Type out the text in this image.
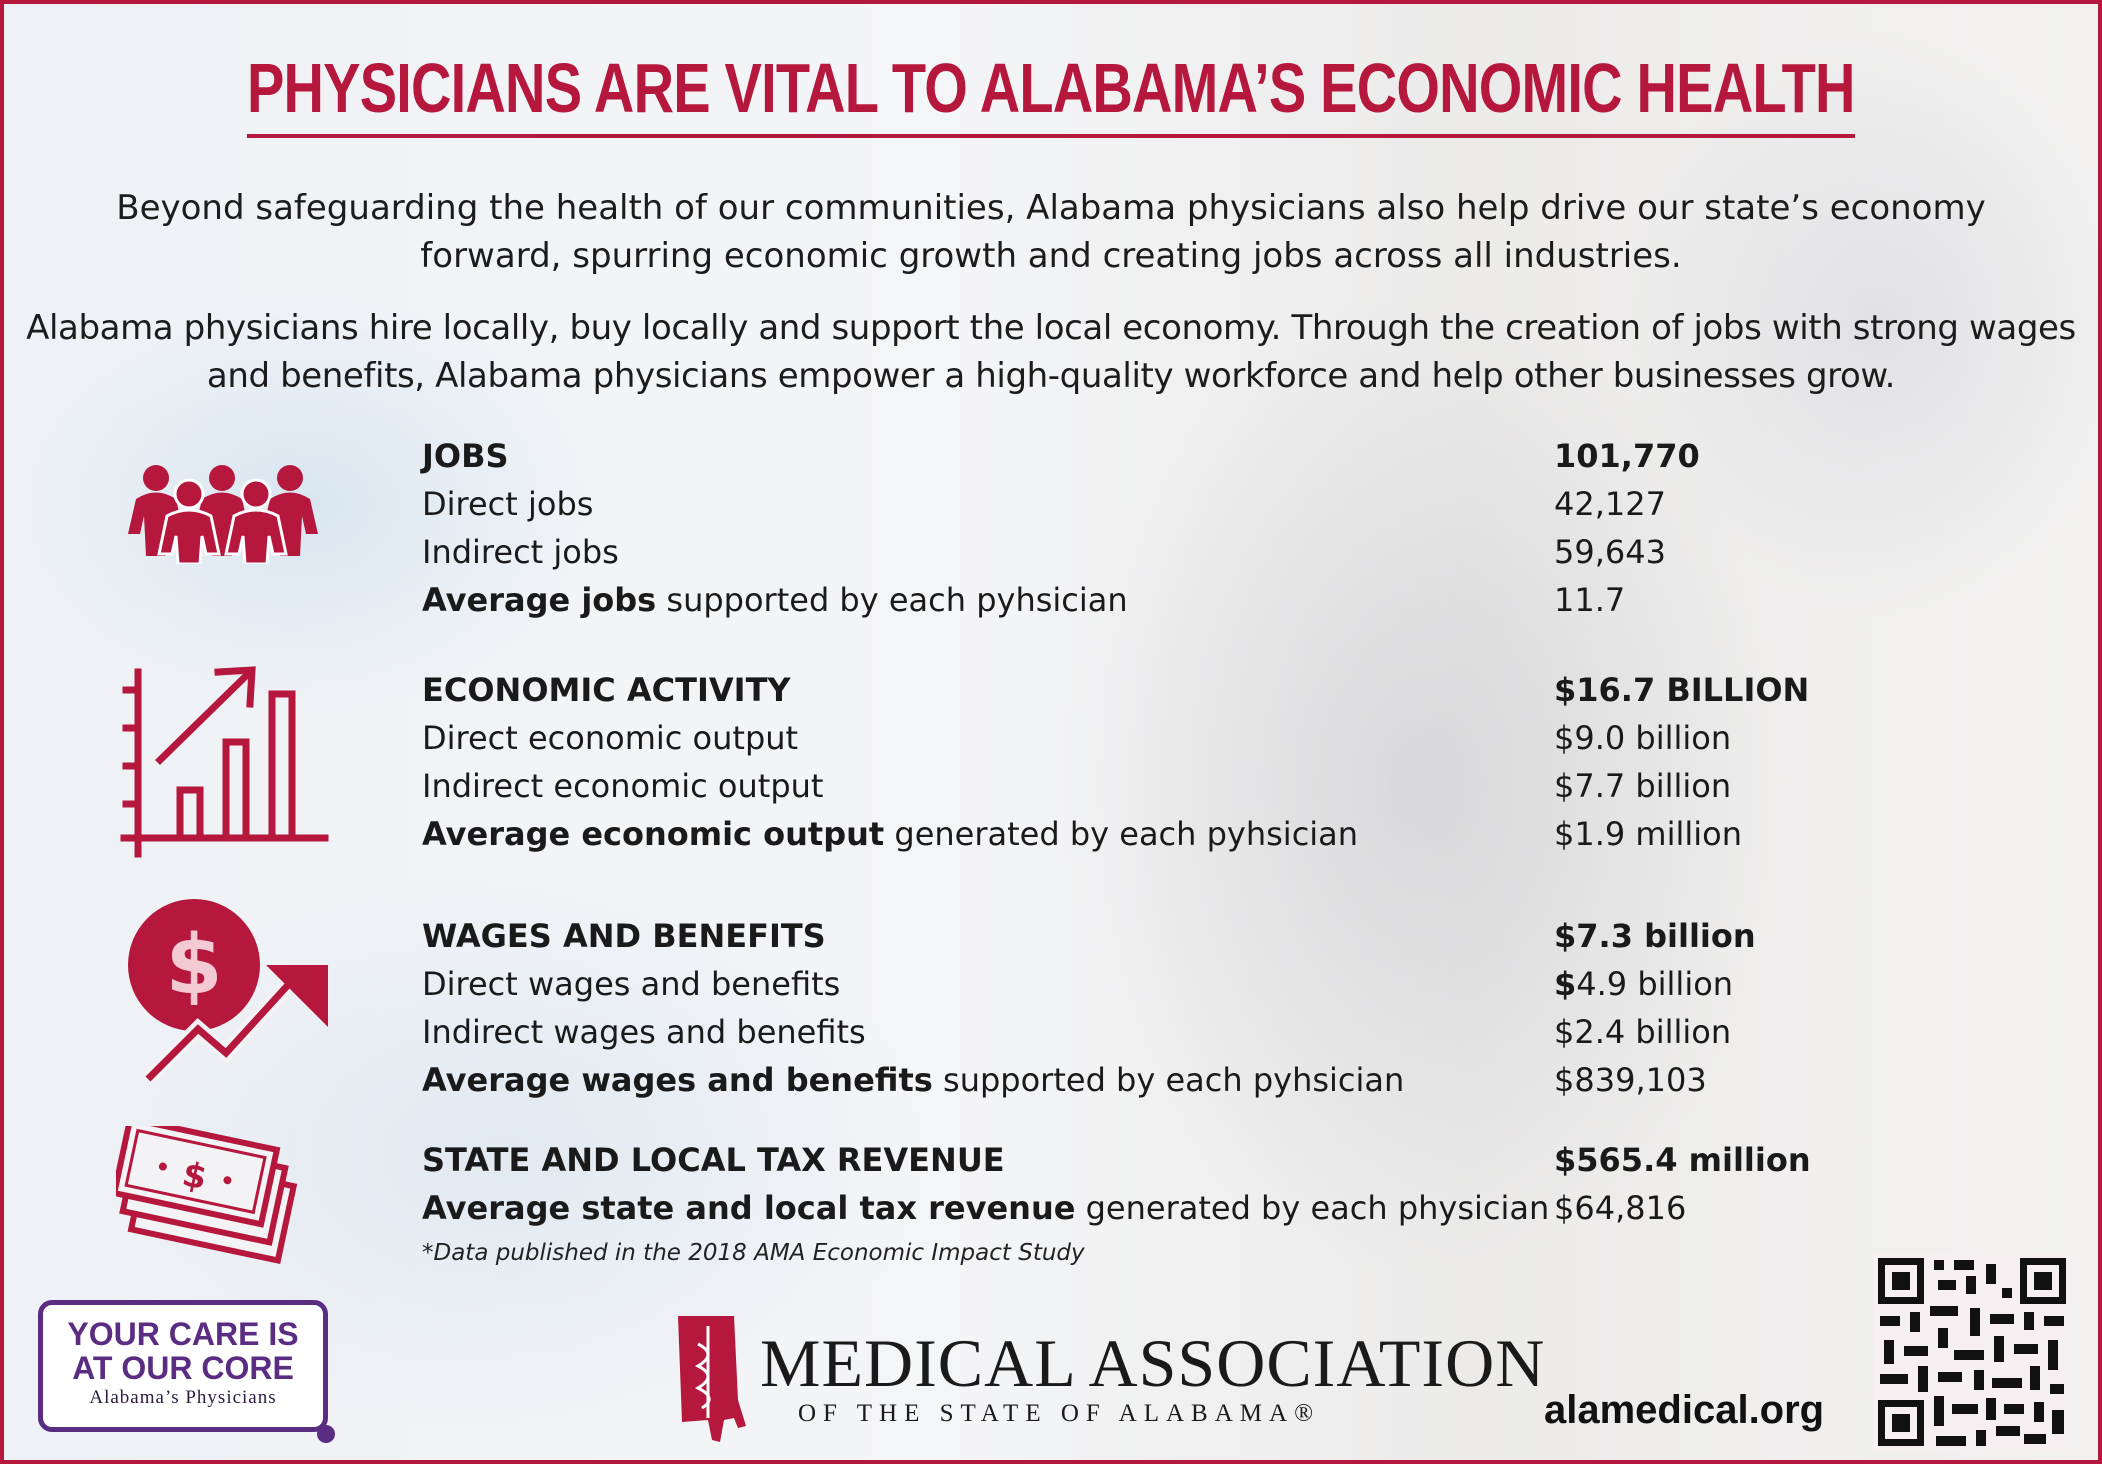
PHYSICIANS ARE VITAL TO ALABAMA’S ECONOMIC HEALTH

Beyond safeguarding the health of our communities, Alabama physicians also help drive our state’s economy forward, spurring economic growth and creating jobs across all industries.

Alabama physicians hire locally, buy locally and support the local economy. Through the creation of jobs with strong wages and benefits, Alabama physicians empower a high-quality workforce and help other businesses grow.

$
$
JOBS	101,770
Direct jobs	42,127
Indirect jobs	59,643
Average jobs supported by each pyhsician	11.7
ECONOMIC ACTIVITY	$16.7 BILLION
Direct economic output	$9.0 billion
Indirect economic output	$7.7 billion
Average economic output generated by each pyhsician	$1.9 million
WAGES AND BENEFITS	$7.3 billion
Direct wages and benefits	$4.9 billion
Indirect wages and benefits	$2.4 billion
Average wages and benefits supported by each pyhsician	$839,103
STATE AND LOCAL TAX REVENUE	$565.4 million
Average state and local tax revenue generated by each physician $64,816
*Data published in the 2018 AMA Economic Impact Study
YOUR CARE IS
AT OUR CORE
Alabama’s Physicians	MEDICAL ASSOCIATION
OF THE STATE OF ALABAMA®	alamedical.org
